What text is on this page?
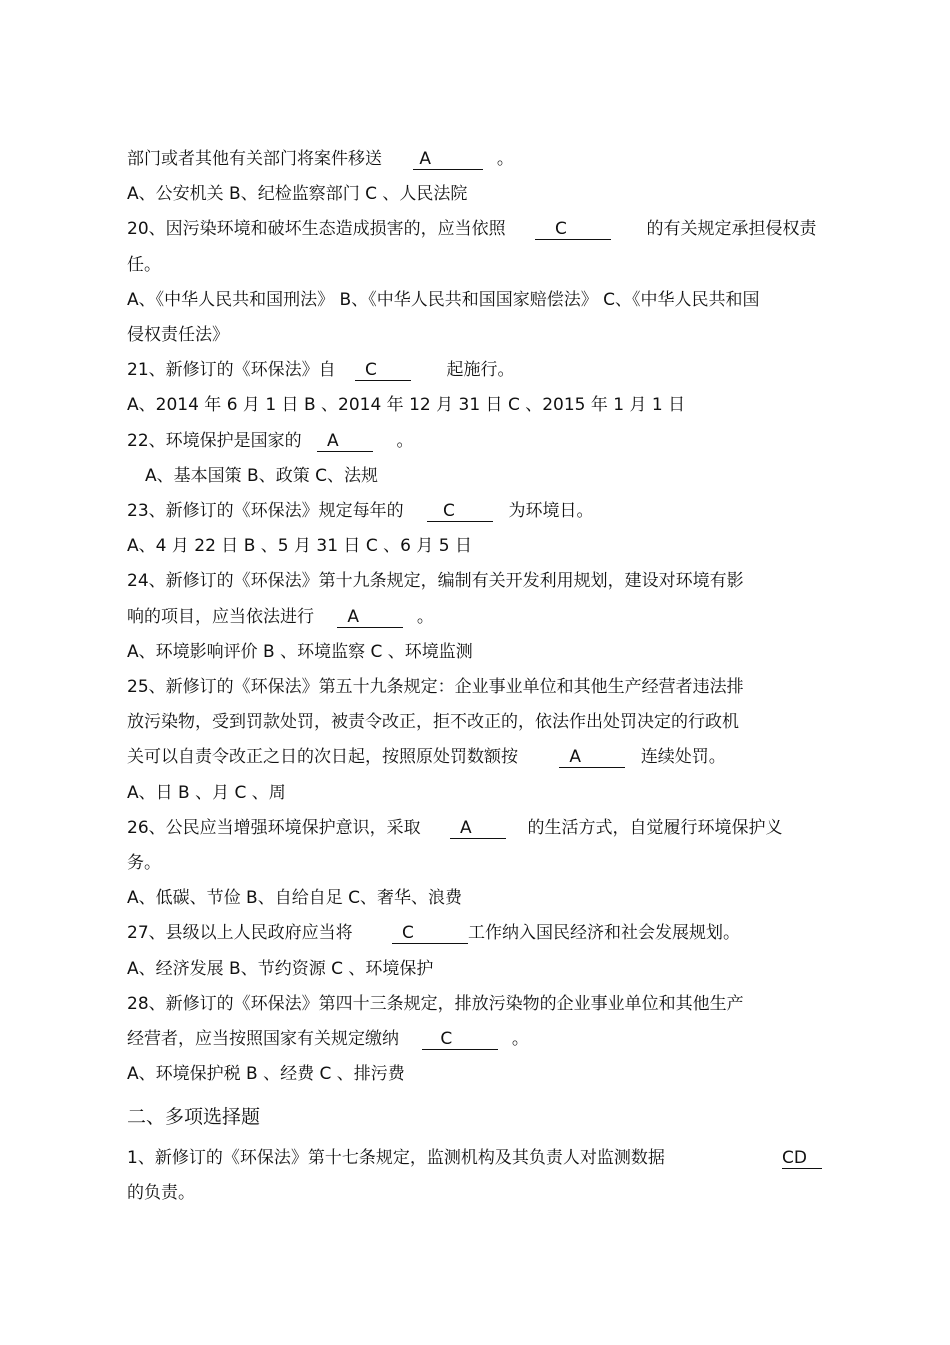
部门或者其他有关部门将案件移送 A	。
A、公安机关 B、纪检监察部门 C 、人民法院
20、因污染环境和破坏生态造成损害的，应当依照	C	的有关规定承担侵权责
任。
A、《中华人民共和国刑法》 B、《中华人民共和国国家赔偿法》 C、《中华人民共和国
侵权责任法》
21、新修订的《环保法》自 C	起施行。
A、2014 年 6 月 1 日 B 、2014 年 12 月 31 日 C 、2015 年 1 月 1 日
22、环境保护是国家的 A	。
A、基本国策 B、政策 C、法规
23、新修订的《环保法》规定每年的 C	为环境日。
A、4 月 22 日 B 、5 月 31 日 C 、6 月 5 日
24、新修订的《环保法》第十九条规定，编制有关开发利用规划，建设对环境有影
响的项目，应当依法进行 A	。
A、环境影响评价 B 、环境监察 C 、环境监测
25、新修订的《环保法》第五十九条规定：企业事业单位和其他生产经营者违法排
放污染物，受到罚款处罚，被责令改正，拒不改正的，依法作出处罚决定的行政机
关可以自责令改正之日的次日起，按照原处罚数额按	A	连续处罚。
A、日 B 、月 C 、周
26、公民应当增强环境保护意识，采取 A	的生活方式，自觉履行环境保护义
务。
A、低碳、节俭 B、自给自足 C、奢华、浪费
27、县级以上人民政府应当将	C	工作纳入国民经济和社会发展规划。
A、经济发展 B、节约资源 C 、环境保护
28、新修订的《环保法》第四十三条规定，排放污染物的企业事业单位和其他生产
经营者，应当按照国家有关规定缴纳 C	。
A、环境保护税 B 、经费 C 、排污费
二、多项选择题
1、新修订的《环保法》第十七条规定，监测机构及其负责人对监测数据	CD
的负责。
